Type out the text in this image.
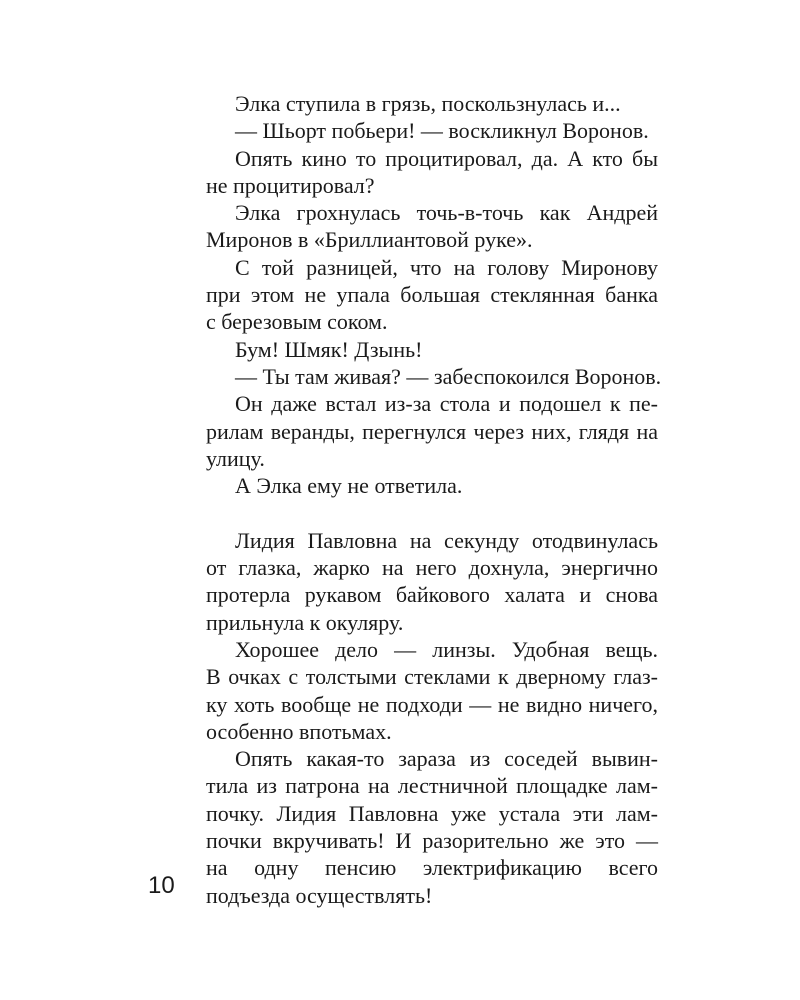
Элка ступила в грязь, поскользнулась и...
— Шьорт побьери! — воскликнул Воронов.
Опять кино то процитировал, да. А кто бы
не процитировал?
Элка грохнулась точь-в-точь как Андрей
Миронов в «Бриллиантовой руке».
С той разницей, что на голову Миронову
при этом не упала большая стеклянная банка
с березовым соком.
Бум! Шмяк! Дзынь!
— Ты там живая? — забеспокоился Воронов.
Он даже встал из-за стола и подошел к пе-
рилам веранды, перегнулся через них, глядя на
улицу.
А Элка ему не ответила.
Лидия Павловна на секунду отодвинулась
от глазка, жарко на него дохнула, энергично
протерла рукавом байкового халата и снова
прильнула к окуляру.
Хорошее дело — линзы. Удобная вещь.
В очках с толстыми стеклами к дверному глаз-
ку хоть вообще не подходи — не видно ничего,
особенно впотьмах.
Опять какая-то зараза из соседей вывин-
тила из патрона на лестничной площадке лам-
почку. Лидия Павловна уже устала эти лам-
почки вкручивать! И разорительно же это —
на одну пенсию электрификацию всего
подъезда осуществлять!
10
